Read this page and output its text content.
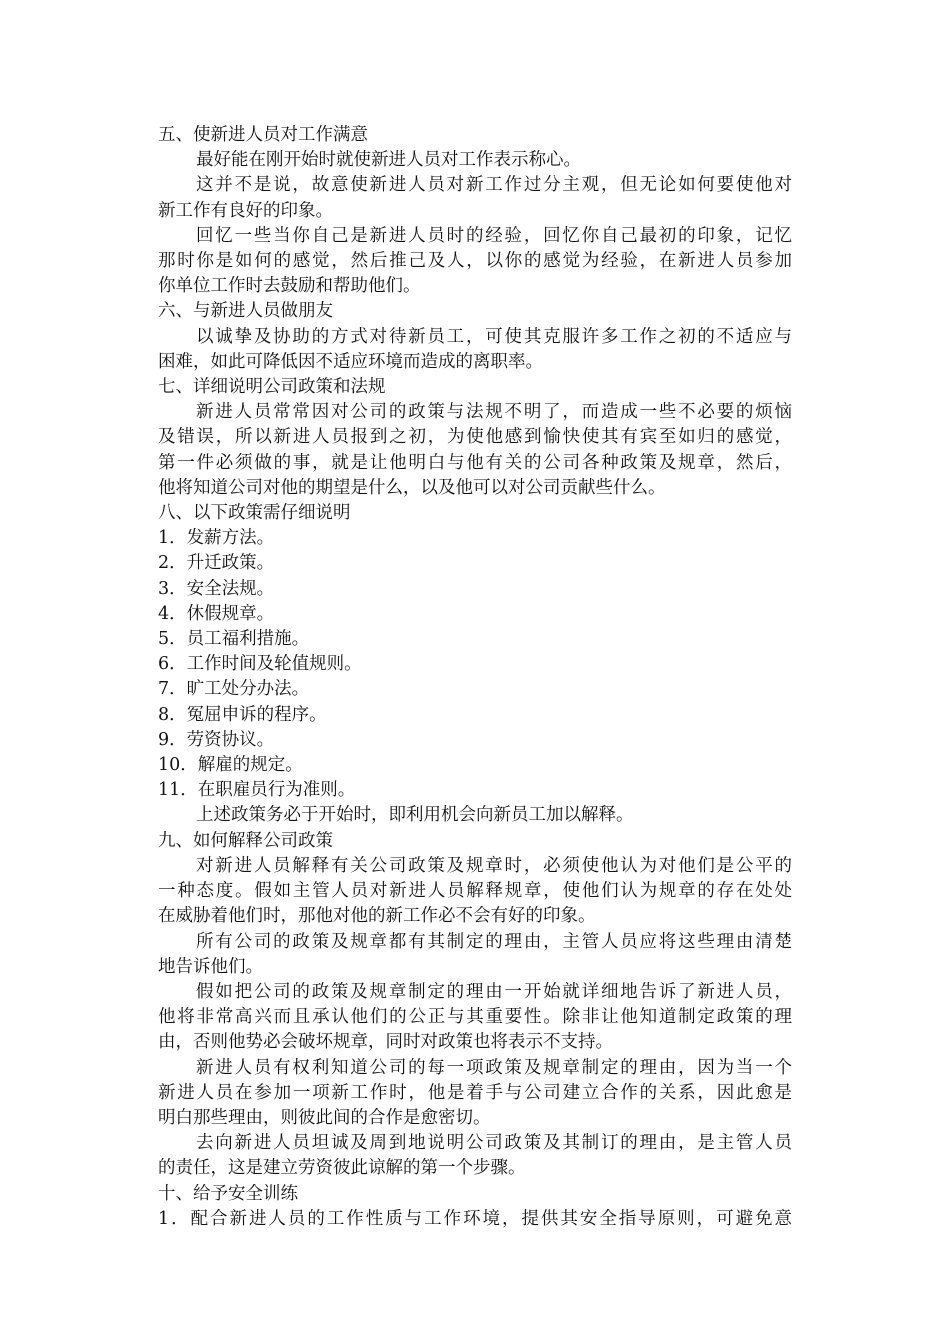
五、使新进人员对工作满意
最好能在刚开始时就使新进人员对工作表示称心。
这并不是说，故意使新进人员对新工作过分主观，但无论如何要使他对
新工作有良好的印象。
回忆一些当你自己是新进人员时的经验，回忆你自己最初的印象，记忆
那时你是如何的感觉，然后推己及人，以你的感觉为经验，在新进人员参加
你单位工作时去鼓励和帮助他们。
六、与新进人员做朋友
以诚挚及协助的方式对待新员工，可使其克服许多工作之初的不适应与
困难，如此可降低因不适应环境而造成的离职率。
七、详细说明公司政策和法规
新进人员常常因对公司的政策与法规不明了，而造成一些不必要的烦恼
及错误，所以新进人员报到之初，为使他感到愉快使其有宾至如归的感觉，
第一件必须做的事，就是让他明白与他有关的公司各种政策及规章，然后，
他将知道公司对他的期望是什么，以及他可以对公司贡献些什么。
八、以下政策需仔细说明
1．发薪方法。
2．升迁政策。
3．安全法规。
4．休假规章。
5．员工福利措施。
6．工作时间及轮值规则。
7．旷工处分办法。
8．冤屈申诉的程序。
9．劳资协议。
10．解雇的规定。
11．在职雇员行为准则。
上述政策务必于开始时，即利用机会向新员工加以解释。
九、如何解释公司政策
对新进人员解释有关公司政策及规章时，必须使他认为对他们是公平的
一种态度。假如主管人员对新进人员解释规章，使他们认为规章的存在处处
在威胁着他们时，那他对他的新工作必不会有好的印象。
所有公司的政策及规章都有其制定的理由，主管人员应将这些理由清楚
地告诉他们。
假如把公司的政策及规章制定的理由一开始就详细地告诉了新进人员，
他将非常高兴而且承认他们的公正与其重要性。除非让他知道制定政策的理
由，否则他势必会破坏规章，同时对政策也将表示不支持。
新进人员有权利知道公司的每一项政策及规章制定的理由，因为当一个
新进人员在参加一项新工作时，他是着手与公司建立合作的关系，因此愈是
明白那些理由，则彼此间的合作是愈密切。
去向新进人员坦诚及周到地说明公司政策及其制订的理由，是主管人员
的责任，这是建立劳资彼此谅解的第一个步骤。
十、给予安全训练
1．配合新进人员的工作性质与工作环境，提供其安全指导原则，可避免意
